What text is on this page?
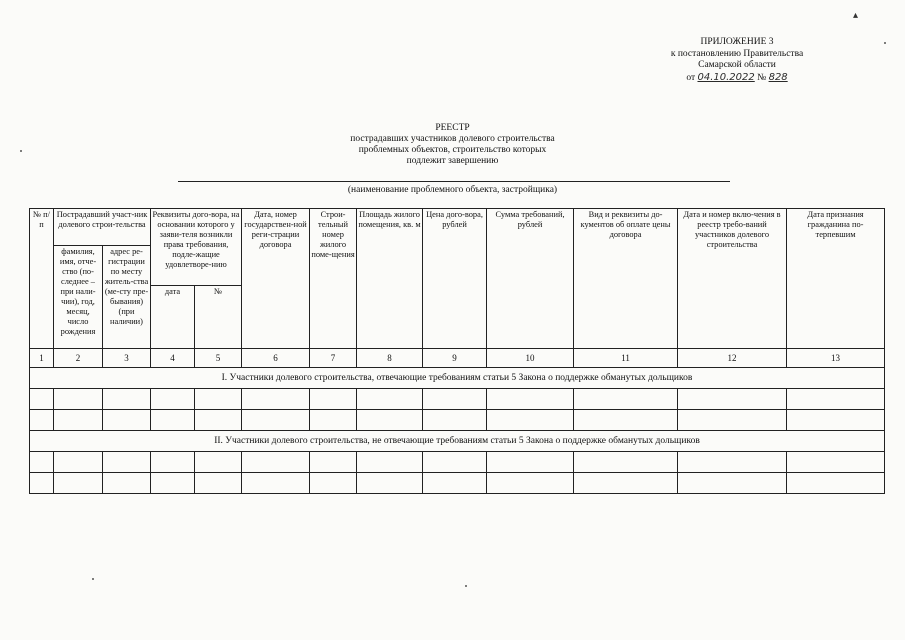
ПРИЛОЖЕНИЕ 3
к постановлению Правительства
Самарской области
от 04.10.2022 № 828
РЕЕСТР
пострадавших участников долевого строительства
проблемных объектов, строительство которых
подлежит завершению
(наименование проблемного объекта, застройщика)
№ п/п	Пострадавший участ-ник долевого строи-тельства		Реквизиты дого-вора, на основании которого у заяви-теля возникли права требования, подле-жащие удовлетворе-нию		Дата, номер государствен-ной реги-страции договора	Строи-тельный номер жилого поме-щения	Площадь жилого помещения, кв. м	Цена дого-вора, рублей	Сумма требований, рублей	Вид и реквизиты до-кументов об оплате цены договора	Дата и номер вклю-чения в реестр требо-ваний участников долевого строительства	Дата признания гражданина по-терпевшим
	фамилия, имя, отче-ство (по-следнее – при нали-чии), год, месяц, число рождения	адрес ре-гистрации по месту житель-ства (ме-сту пре-бывания) (при наличии)										
			дата	№								
1	2	3	4	5	6	7	8	9	10	11	12	13
I. Участники долевого строительства, отвечающие требованиям статьи 5 Закона о поддержке обманутых дольщиков												

II. Участники долевого строительства, не отвечающие требованиям статьи 5 Закона о поддержке обманутых дольщиков												

▴
